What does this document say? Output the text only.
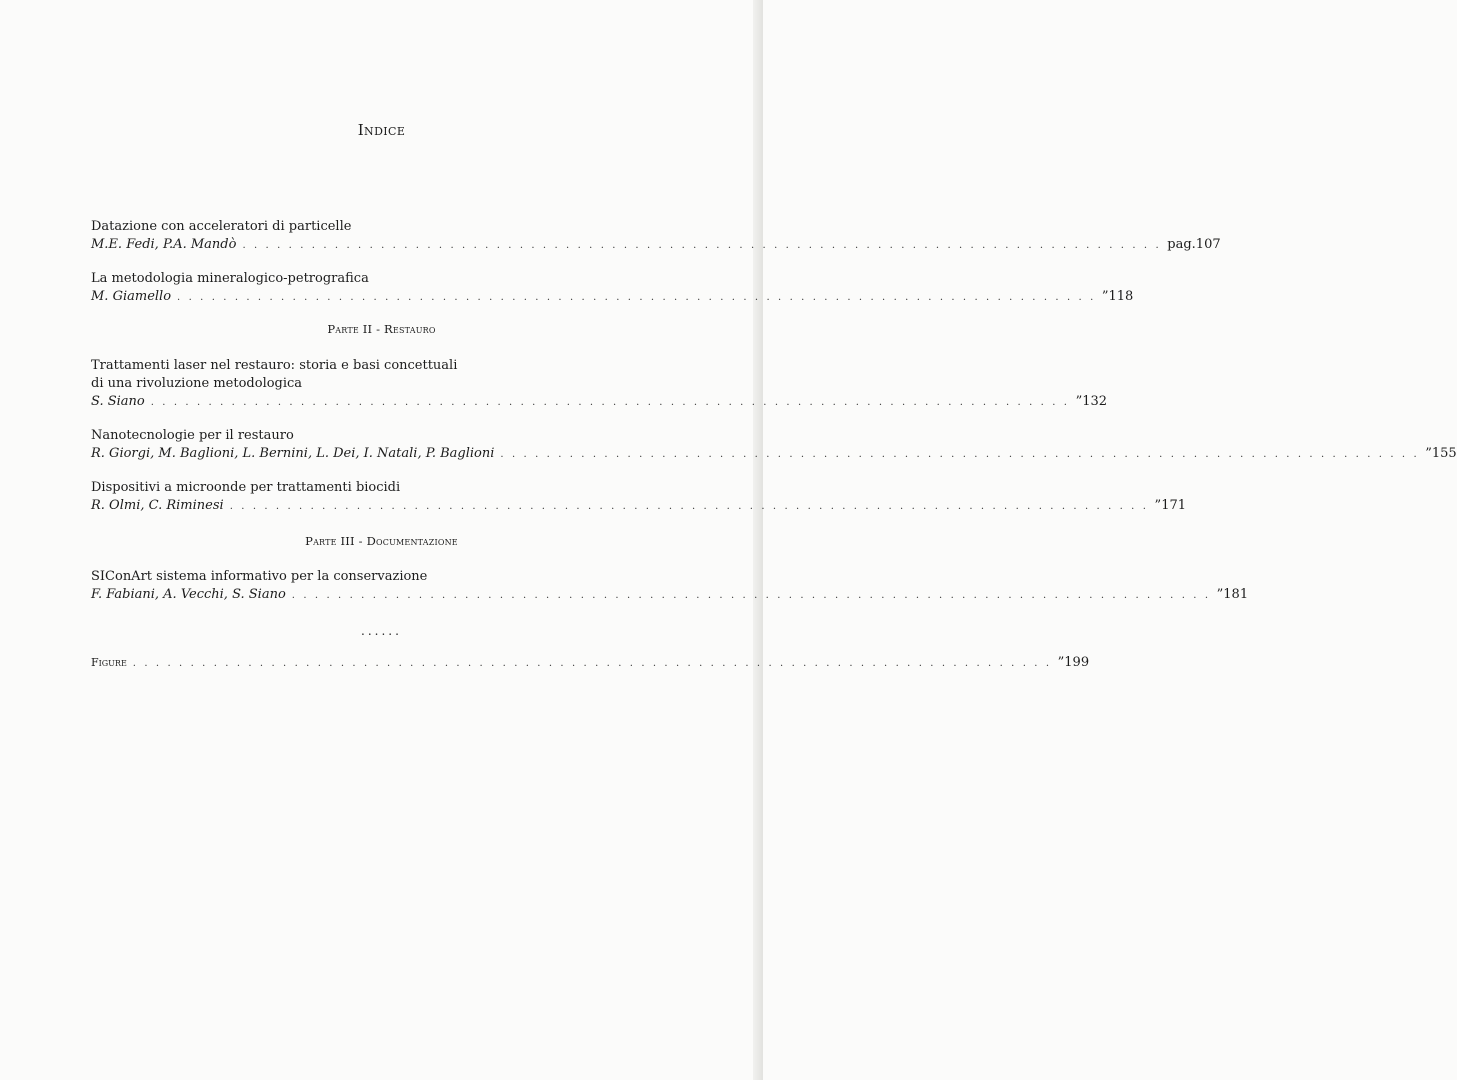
Indice
Datazione con acceleratori di particelle
M.E. Fedi, P.A. Mandò . . . . . . . . . . . . . . . . . . . . . . . . . . . . . . . . . . . . . . . . . . . . . . . . . . . . . . . . . . . . . . . . . . . . . . . . . . . . . . . . pag. 107
La metodologia mineralogico-petrografica
M. Giamello . . . . . . . . . . . . . . . . . . . . . . . . . . . . . . . . . . . . . . . . . . . . . . . . . . . . . . . . . . . . . . . . . . . . . . . . . . . . . . . . ” 118
Parte II - Restauro
Trattamenti laser nel restauro: storia e basi concettuali
di una rivoluzione metodologica
S. Siano . . . . . . . . . . . . . . . . . . . . . . . . . . . . . . . . . . . . . . . . . . . . . . . . . . . . . . . . . . . . . . . . . . . . . . . . . . . . . . . . ” 132
Nanotecnologie per il restauro
R. Giorgi, M. Baglioni, L. Bernini, L. Dei, I. Natali, P. Baglioni . . . . . . . . . . . . . . . . . . . . . . . . . . . . . . . . . . . . . . . . . . . . . . . . . . . . . . . . . . . . . . . . . . . . . . . . . . . . . . . . ” 155
Dispositivi a microonde per trattamenti biocidi
R. Olmi, C. Riminesi . . . . . . . . . . . . . . . . . . . . . . . . . . . . . . . . . . . . . . . . . . . . . . . . . . . . . . . . . . . . . . . . . . . . . . . . . . . . . . . . ” 171
Parte III - Documentazione
SIConArt sistema informativo per la conservazione
F. Fabiani, A. Vecchi, S. Siano . . . . . . . . . . . . . . . . . . . . . . . . . . . . . . . . . . . . . . . . . . . . . . . . . . . . . . . . . . . . . . . . . . . . . . . . . . . . . . . . ” 181
......
Figure . . . . . . . . . . . . . . . . . . . . . . . . . . . . . . . . . . . . . . . . . . . . . . . . . . . . . . . . . . . . . . . . . . . . . . . . . . . . . . . . ” 199
